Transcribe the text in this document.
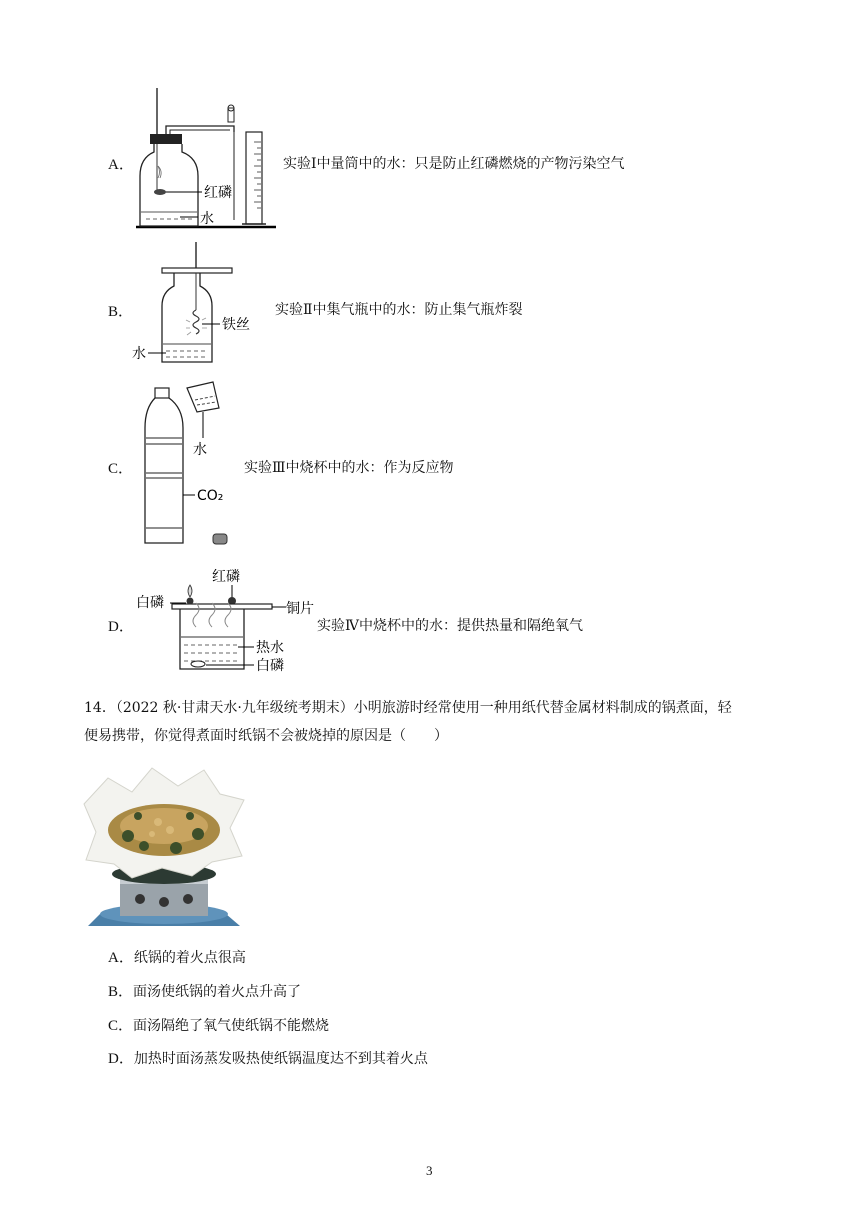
A．
红磷
水
实验Ⅰ中量筒中的水：只是防止红磷燃烧的产物污染空气
B．
铁丝
水
实验Ⅱ中集气瓶中的水：防止集气瓶炸裂
C．
水
CO₂
实验Ⅲ中烧杯中的水：作为反应物
D．
红磷
铜片
白磷
热水
白磷
实验Ⅳ中烧杯中的水：提供热量和隔绝氧气
14．（2022 秋·甘肃天水·九年级统考期末）小明旅游时经常使用一种用纸代替金属材料制成的锅煮面，轻
便易携带，你觉得煮面时纸锅不会被烧掉的原因是（　　）
A．纸锅的着火点很高
B．面汤使纸锅的着火点升高了
C．面汤隔绝了氧气使纸锅不能燃烧
D．加热时面汤蒸发吸热使纸锅温度达不到其着火点
3
